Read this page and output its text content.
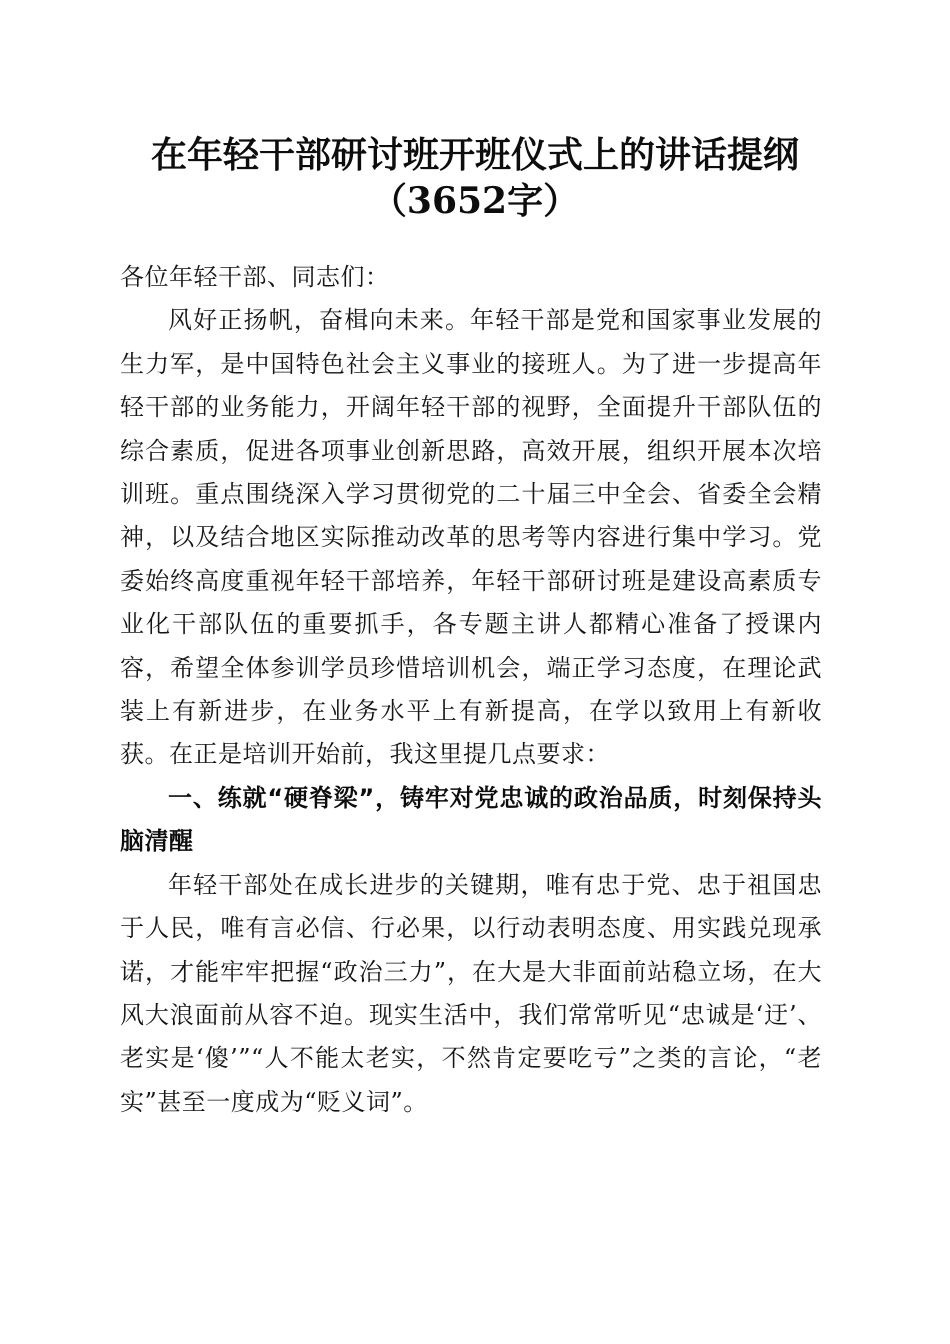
在年轻干部研讨班开班仪式上的讲话提纲
（3652字）

各位年轻干部、同志们：

风好正扬帆，奋楫向未来。年轻干部是党和国家事业发展的生力军，是中国特色社会主义事业的接班人。为了进一步提高年轻干部的业务能力，开阔年轻干部的视野，全面提升干部队伍的综合素质，促进各项事业创新思路，高效开展，组织开展本次培训班。重点围绕深入学习贯彻党的二十届三中全会、省委全会精神，以及结合地区实际推动改革的思考等内容进行集中学习。党委始终高度重视年轻干部培养，年轻干部研讨班是建设高素质专业化干部队伍的重要抓手，各专题主讲人都精心准备了授课内容，希望全体参训学员珍惜培训机会，端正学习态度，在理论武装上有新进步，在业务水平上有新提高，在学以致用上有新收获。在正是培训开始前，我这里提几点要求：

一、练就“硬脊梁”，铸牢对党忠诚的政治品质，时刻保持头脑清醒

年轻干部处在成长进步的关键期，唯有忠于党、忠于祖国忠于人民，唯有言必信、行必果，以行动表明态度、用实践兑现承诺，才能牢牢把握“政治三力”，在大是大非面前站稳立场，在大风大浪面前从容不迫。现实生活中，我们常常听见“忠诚是‘迂’、老实是‘傻’”“人不能太老实，不然肯定要吃亏”之类的言论，“老实”甚至一度成为“贬义词”。
